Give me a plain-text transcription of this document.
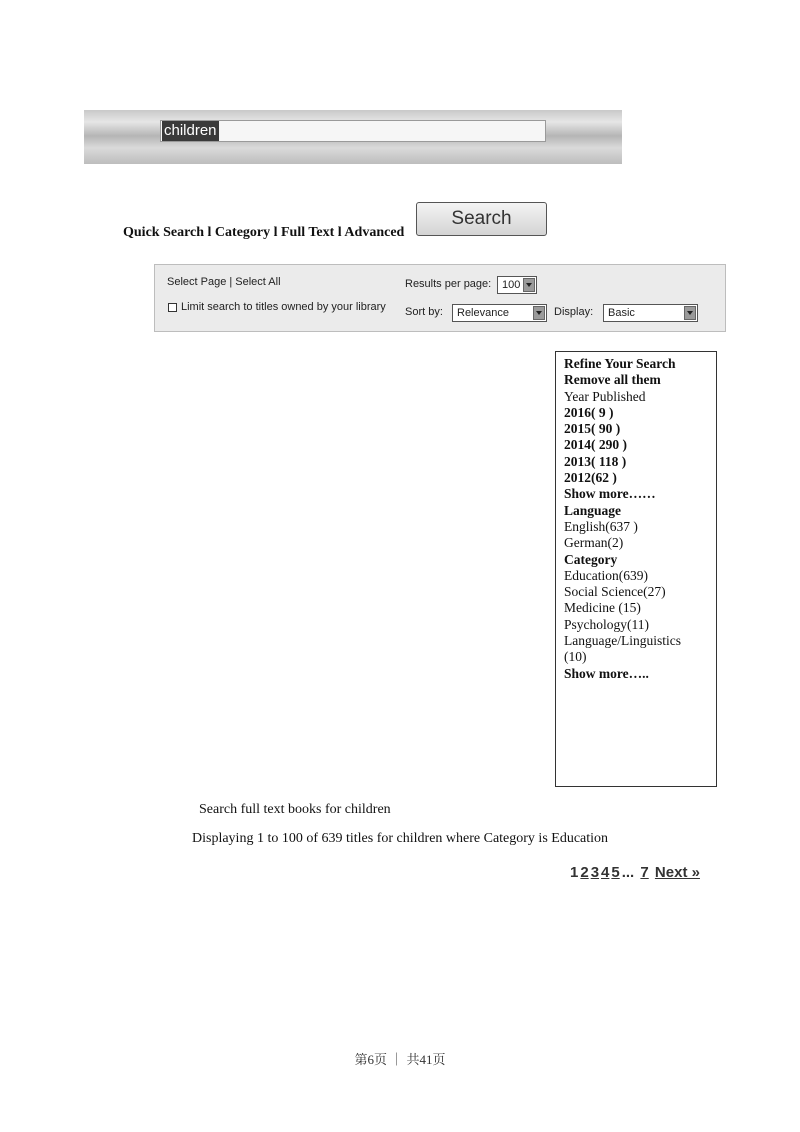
children
Quick Search l Category l Full Text l Advanced
Search
Select Page | Select All
Limit search to titles owned by your library
Results per page: 100
Sort by:	Relevance	Display:	Basic
Refine Your Search
Remove all them
Year Published
2016( 9 )
2015( 90 )
2014( 290 )
2013( 118 )
2012(62 )
Show more……
Language
English(637 )
German(2)
Category
Education(639)
Social Science(27)
Medicine (15)
Psychology(11)
Language/Linguistics
(10)
Show more…..
Search full text books for children
Displaying 1 to 100 of 639 titles for children where Category is Education
1 2 3 4 5 ... 7 Next »
第6页 ｜ 共41页
